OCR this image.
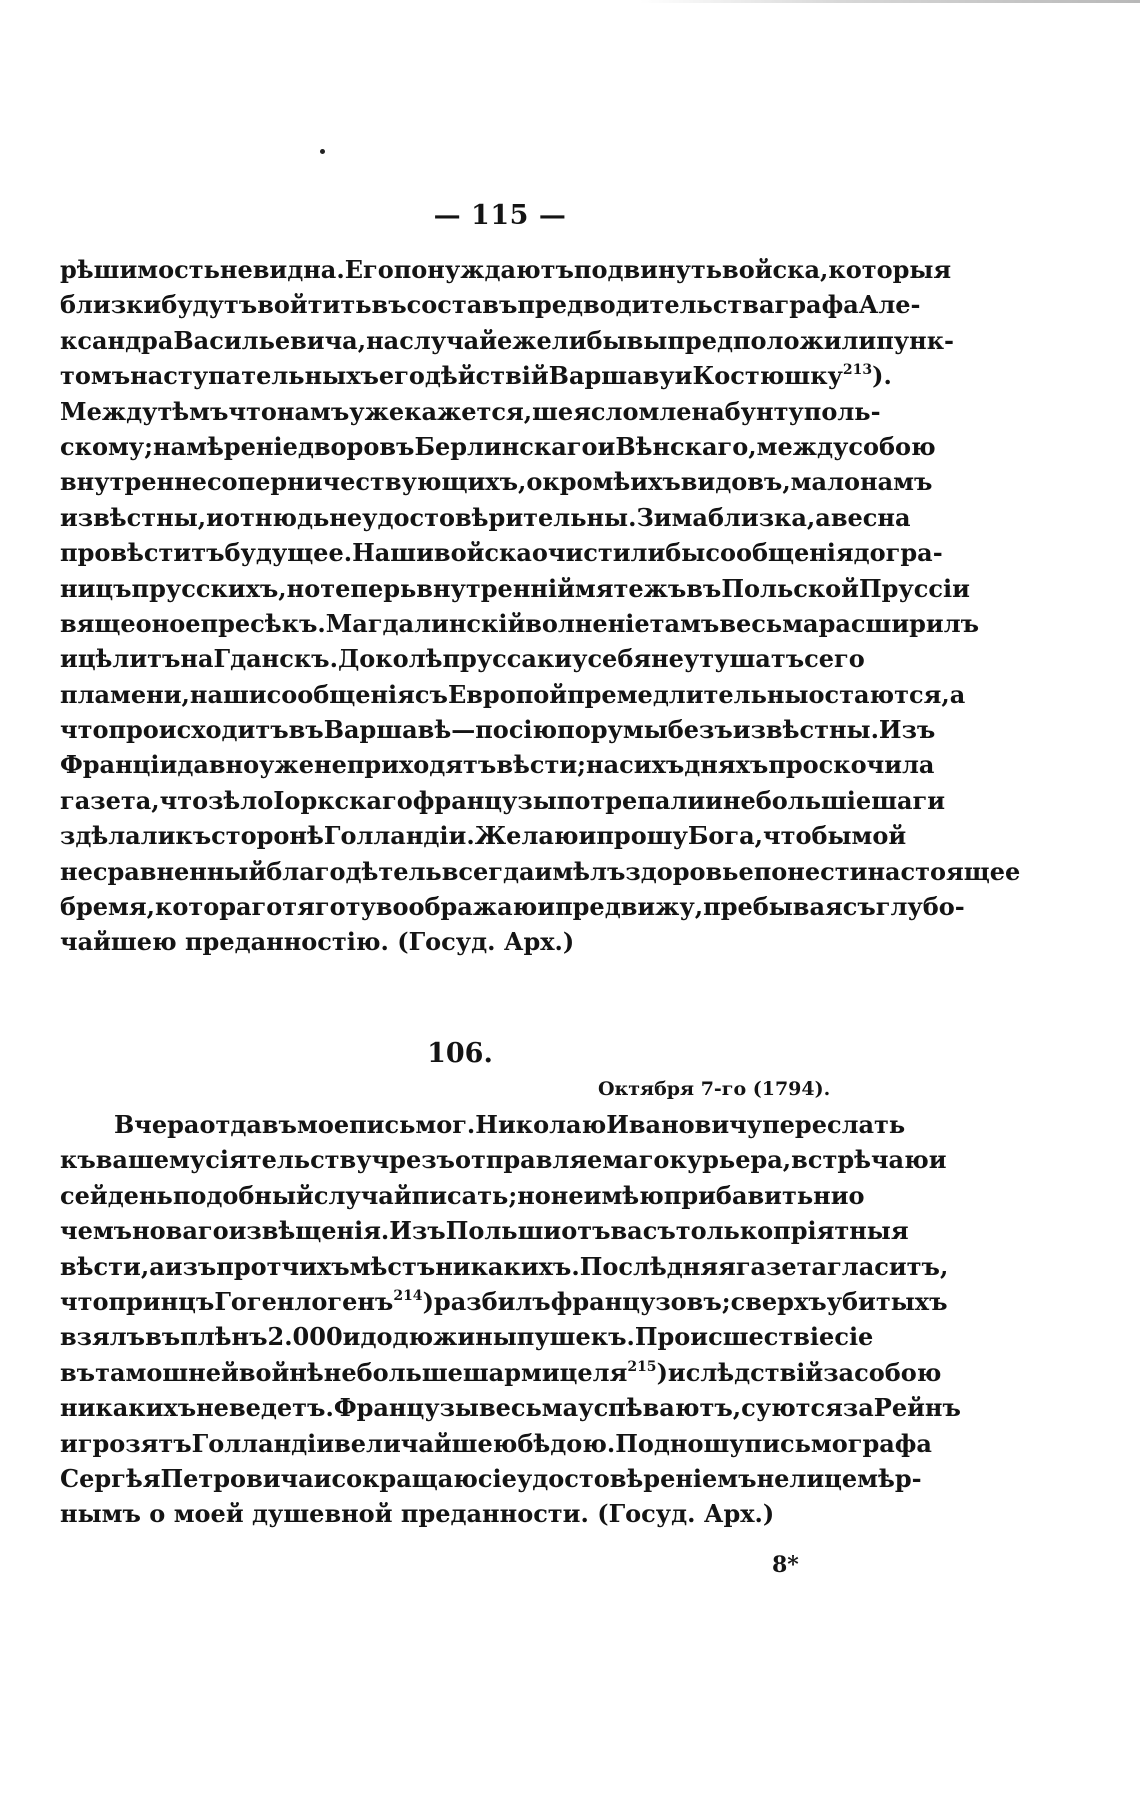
— 115 —
рѣшимость не видна. Его понуждаютъ подвинуть войска, которыя
близки будутъ войтить въ составъ предводительства графа Але-
ксандра Васильевича, на случай ежели бы вы предположили пунк-
томъ наступательныхъ его дѣйствій Варшаву и Костюшку $^{213}$).
Между тѣмъ что намъ уже кажется, шея сломлена бунту поль-
скому; намѣреніе дворовъ Берлинскаго и Вѣнскаго, между собою
внутренне соперничествующихъ, окромѣ ихъ видовъ, мало намъ
извѣстны, и отнюдь неудостовѣрительны. Зима близка, а весна
провѣститъ будущее. Наши войска очистили бы сообщенія до гра-
ницъ прусскихъ, но теперь внутренній мятежъ въ Польской Пруссіи
вяще оное пресѣкъ. Магдалинскій волненіе тамъ весьма расширилъ
и цѣлитъ на Гданскъ. Доколѣ пруссаки у себя не утушатъ сего
пламени, наши сообщенія съ Европой премедлительны остаются, а
что происходитъ въ Варшавѣ—по сію пору мы безъизвѣстны. Изъ
Франціи давно уже не приходятъ вѣсти; на сихъ дняхъ проскочила
газета, что зѣло Іоркскаго французы потрепали и небольшіе шаги
здѣлали къ сторонѣ Голландіи. Желаю и прошу Бога, чтобы мой
несравненный благодѣтель всегда имѣлъ здоровье понести настоящее
бремя, котораго тяготу воображаю и предвижу, пребывая съ глубо-
чайшею преданностію. (Госуд. Арх.)
106.
Октября 7-го (1794).
Вчера отдавъ мое письмо г. Николаю Ивановичу переслать
къ вашему сіятельству чрезъ отправляемаго курьера, встрѣчаю и
сей день подобный случай писать; но не имѣю прибавить ни о
чемъ новаго извѣщенія. Изъ Польши отъ васъ только пріятныя
вѣсти, а изъ протчихъ мѣстъ никакихъ. Послѣдняя газета гласитъ,
что принцъ Гогенлогенъ $^{214}$) разбилъ французовъ; сверхъ убитыхъ
взялъ въ плѣнъ 2.000 и до дюжины пушекъ. Происшествіе сіе
въ тамошней войнѣ не больше шармицеля $^{215}$) и слѣдствій за собою
никакихъ не ведетъ. Французы весьма успѣваютъ, суются за Рейнъ
и грозятъ Голландіи величайшею бѣдою. Подношу письмо графа
Сергѣя Петровича и сокращаю сіе удостовѣреніемъ нелицемѣр-
нымъ о моей душевной преданности. (Госуд. Арх.)
8*
